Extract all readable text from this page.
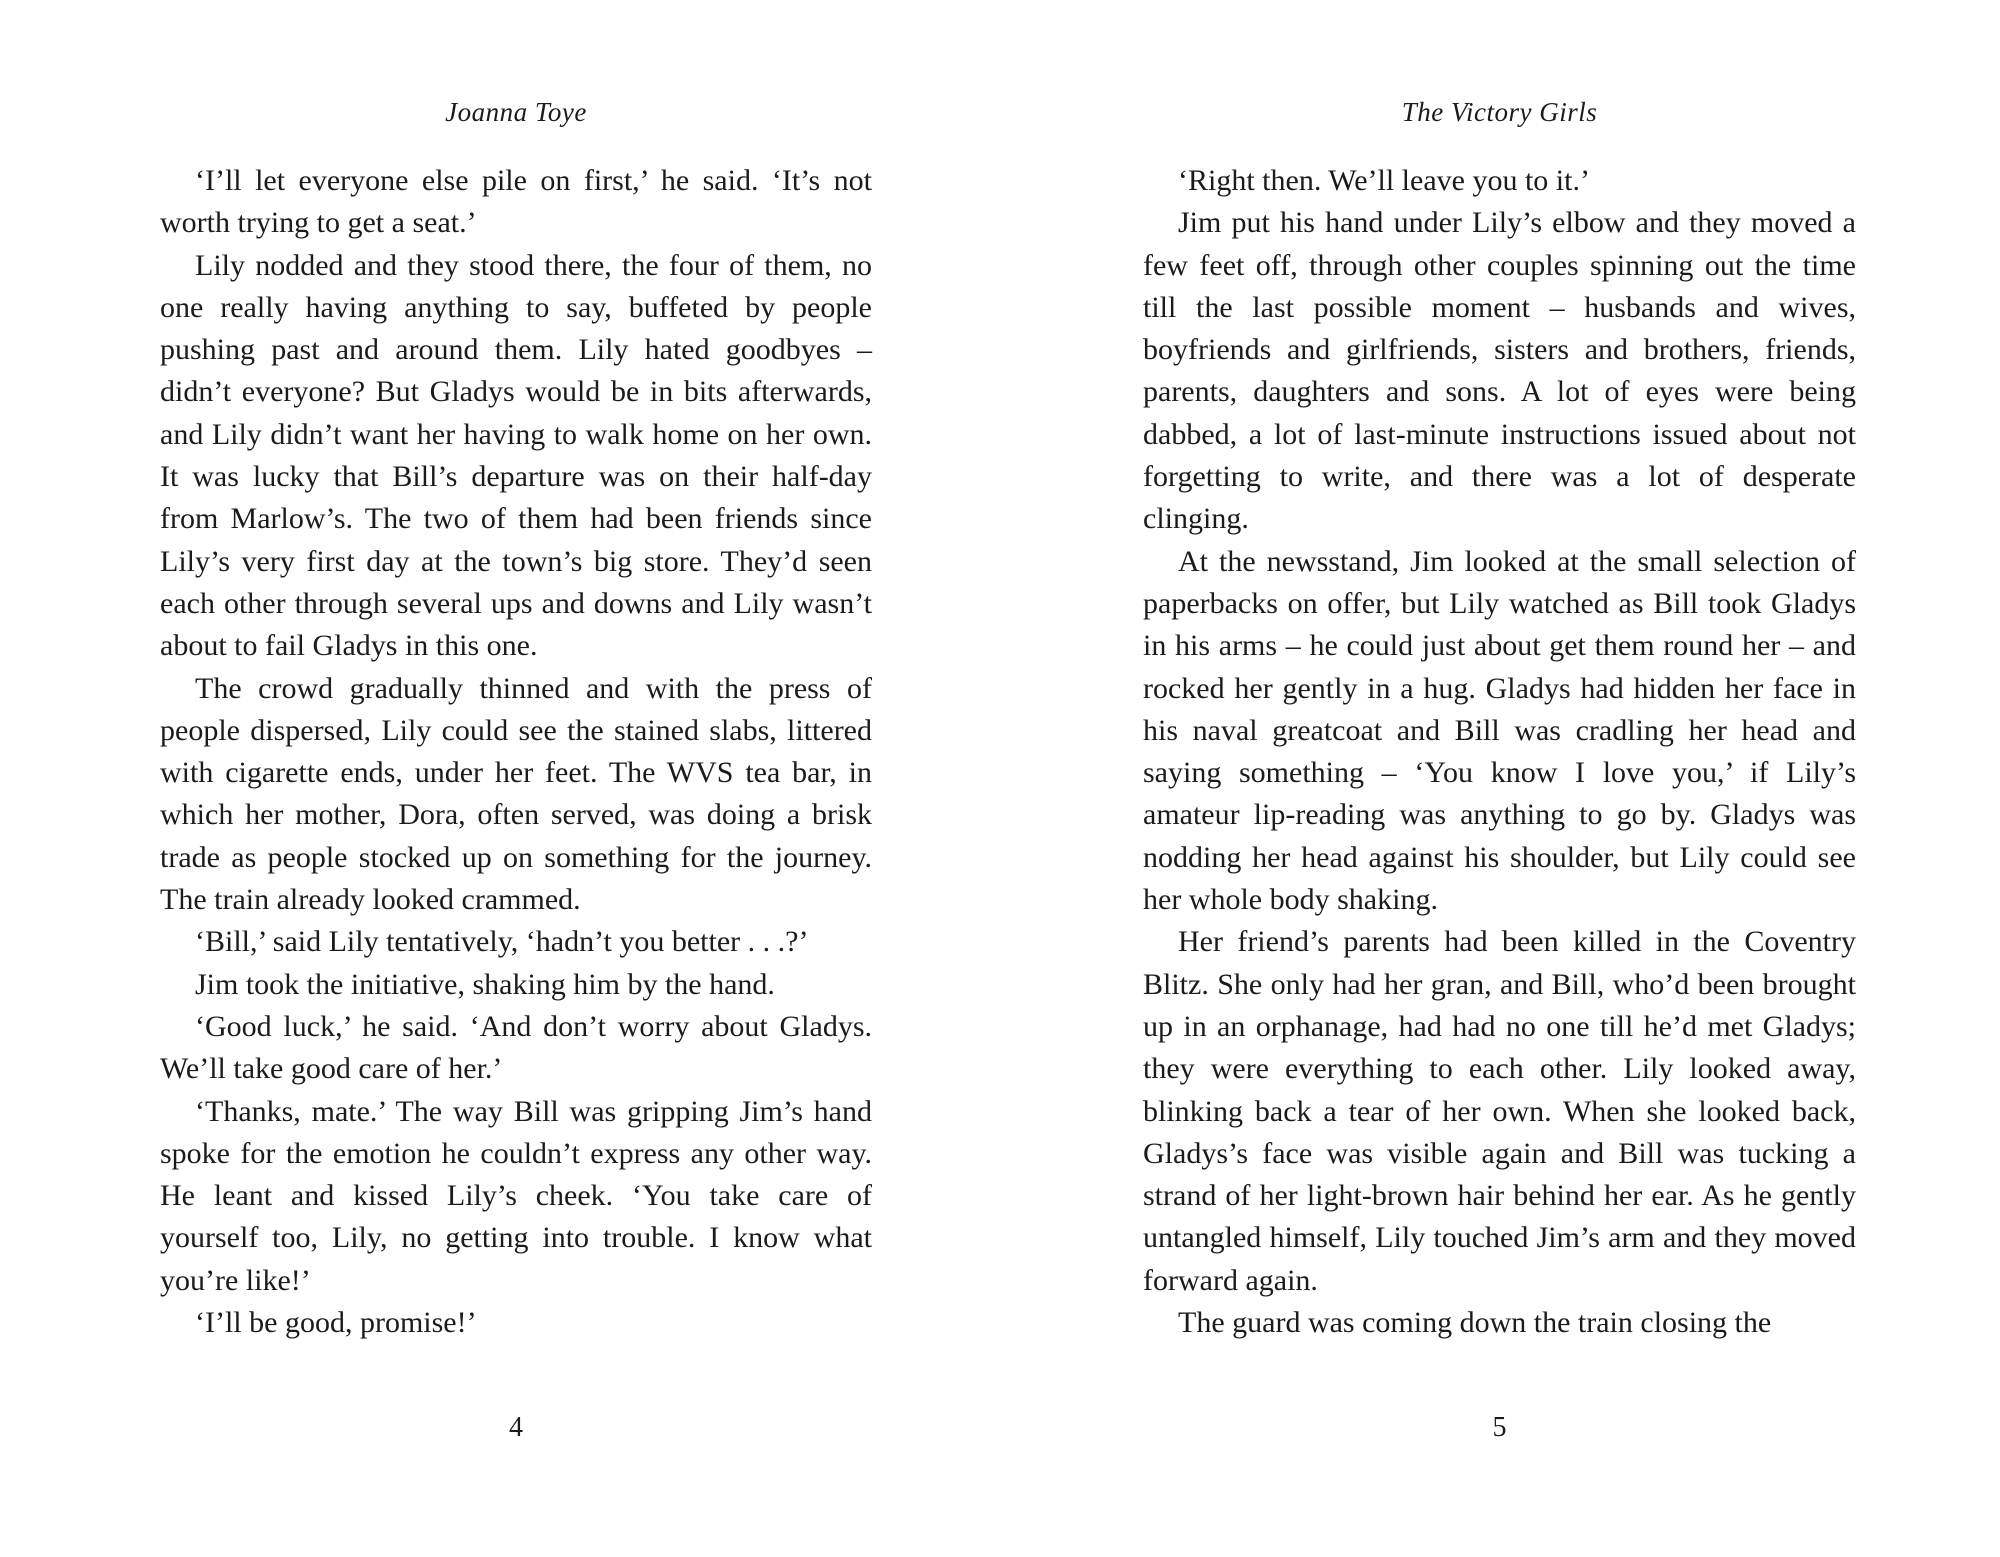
Joanna Toye

‘I’ll let everyone else pile on first,’ he said. ‘It’s not worth trying to get a seat.’

Lily nodded and they stood there, the four of them, no one really having anything to say, buffeted by people pushing past and around them. Lily hated goodbyes – didn’t everyone? But Gladys would be in bits afterwards, and Lily didn’t want her having to walk home on her own. It was lucky that Bill’s departure was on their half-day from Marlow’s. The two of them had been friends since Lily’s very first day at the town’s big store. They’d seen each other through several ups and downs and Lily wasn’t about to fail Gladys in this one.

The crowd gradually thinned and with the press of people dispersed, Lily could see the stained slabs, littered with cigarette ends, under her feet. The WVS tea bar, in which her mother, Dora, often served, was doing a brisk trade as people stocked up on something for the journey. The train already looked crammed.

‘Bill,’ said Lily tentatively, ‘hadn’t you better . . .?’

Jim took the initiative, shaking him by the hand.

‘Good luck,’ he said. ‘And don’t worry about Gladys. We’ll take good care of her.’

‘Thanks, mate.’ The way Bill was gripping Jim’s hand spoke for the emotion he couldn’t express any other way. He leant and kissed Lily’s cheek. ‘You take care of yourself too, Lily, no getting into trouble. I know what you’re like!’

‘I’ll be good, promise!’

4
The Victory Girls

‘Right then. We’ll leave you to it.’

Jim put his hand under Lily’s elbow and they moved a few feet off, through other couples spinning out the time till the last possible moment – husbands and wives, boyfriends and girlfriends, sisters and brothers, friends, parents, daughters and sons. A lot of eyes were being dabbed, a lot of last-minute instructions issued about not forgetting to write, and there was a lot of desperate clinging.

At the newsstand, Jim looked at the small selection of paperbacks on offer, but Lily watched as Bill took Gladys in his arms – he could just about get them round her – and rocked her gently in a hug. Gladys had hidden her face in his naval greatcoat and Bill was cradling her head and saying something – ‘You know I love you,’ if Lily’s amateur lip-reading was anything to go by. Gladys was nodding her head against his shoulder, but Lily could see her whole body shaking.

Her friend’s parents had been killed in the Coventry Blitz. She only had her gran, and Bill, who’d been brought up in an orphanage, had had no one till he’d met Gladys; they were everything to each other. Lily looked away, blinking back a tear of her own. When she looked back, Gladys’s face was visible again and Bill was tucking a strand of her light-brown hair behind her ear. As he gently untangled himself, Lily touched Jim’s arm and they moved forward again.

The guard was coming down the train closing the

5
